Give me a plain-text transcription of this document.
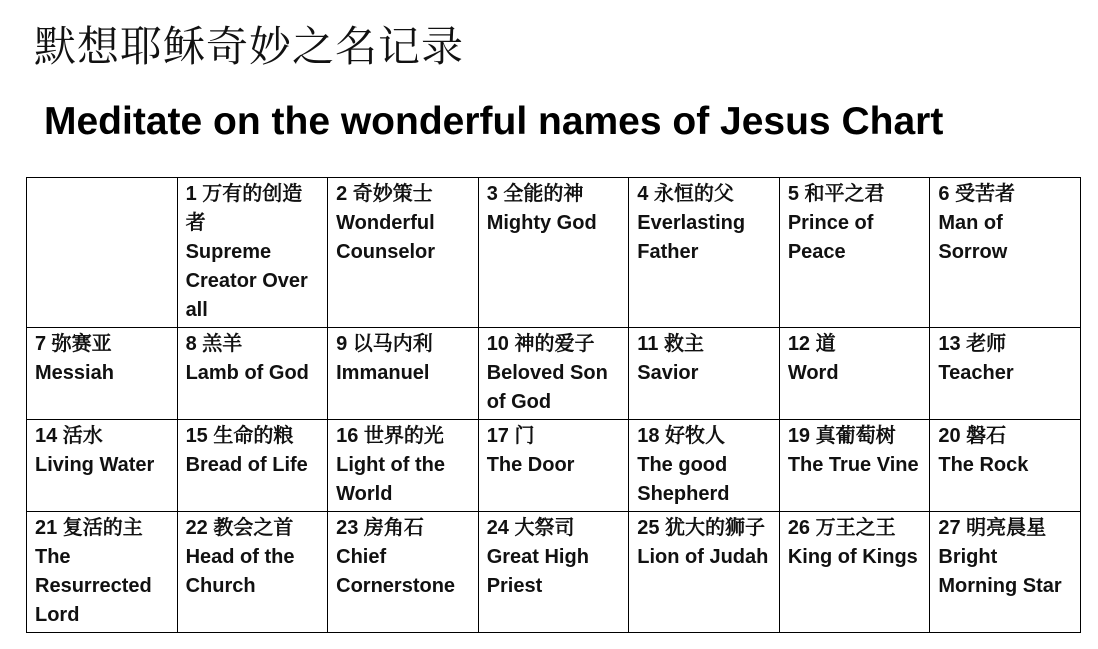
默想耶稣奇妙之名记录
Meditate on the wonderful names of Jesus Chart

	1 万有的创造者
Supreme Creator Over all	2 奇妙策士
Wonderful Counselor	3 全能的神
Mighty God	4 永恒的父
Everlasting Father	5 和平之君
Prince of Peace	6 受苦者
Man of Sorrow

7 弥赛亚
Messiah	8 羔羊
Lamb of God	9 以马内利
Immanuel	10 神的爱子
Beloved Son of God	11 救主
Savior	12 道
Word	13 老师
Teacher

14 活水
Living Water	15 生命的粮
Bread of Life	16 世界的光
Light of the World	17 门
The Door	18 好牧人
The good Shepherd	19 真葡萄树
The True Vine	20 磐石
The Rock

21 复活的主
The Resurrected Lord	22 教会之首
Head of the Church	23 房角石
Chief Cornerstone	24 大祭司
Great High Priest	25 犹大的狮子
Lion of Judah	26 万王之王
King of Kings	27 明亮晨星
Bright Morning Star
